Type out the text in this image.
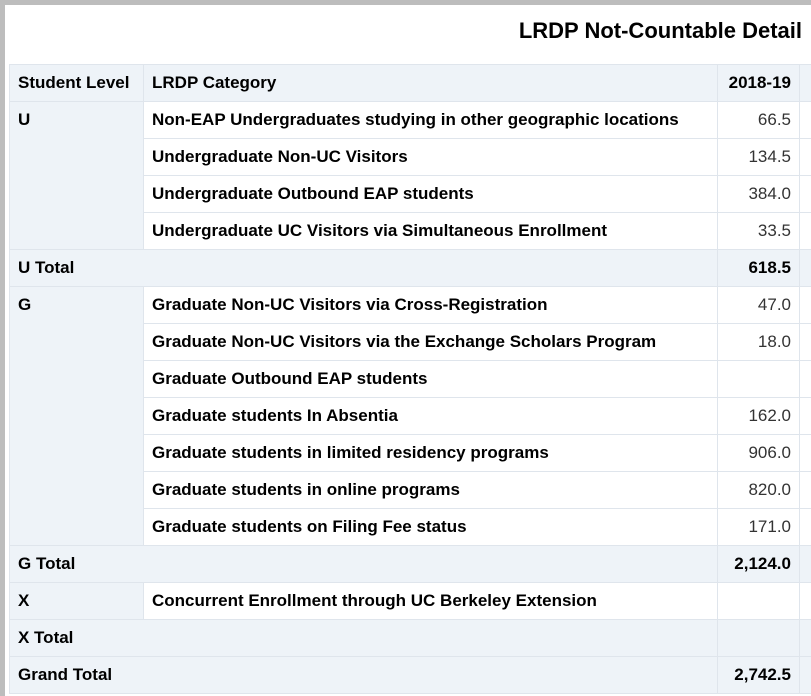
LRDP Not-Countable Detail
Student Level	LRDP Category	2018-19	
U	Non-EAP Undergraduates studying in other geographic locations	66.5	
	Undergraduate Non-UC Visitors	134.5	
	Undergraduate Outbound EAP students	384.0	
	Undergraduate UC Visitors via Simultaneous Enrollment	33.5	
U Total		618.5	
G	Graduate Non-UC Visitors via Cross-Registration	47.0	
	Graduate Non-UC Visitors via the Exchange Scholars Program	18.0	
	Graduate Outbound EAP students		
	Graduate students In Absentia	162.0	
	Graduate students in limited residency programs	906.0	
	Graduate students in online programs	820.0	
	Graduate students on Filing Fee status	171.0	
G Total		2,124.0	
X	Concurrent Enrollment through UC Berkeley Extension		
X Total			
Grand Total		2,742.5	
